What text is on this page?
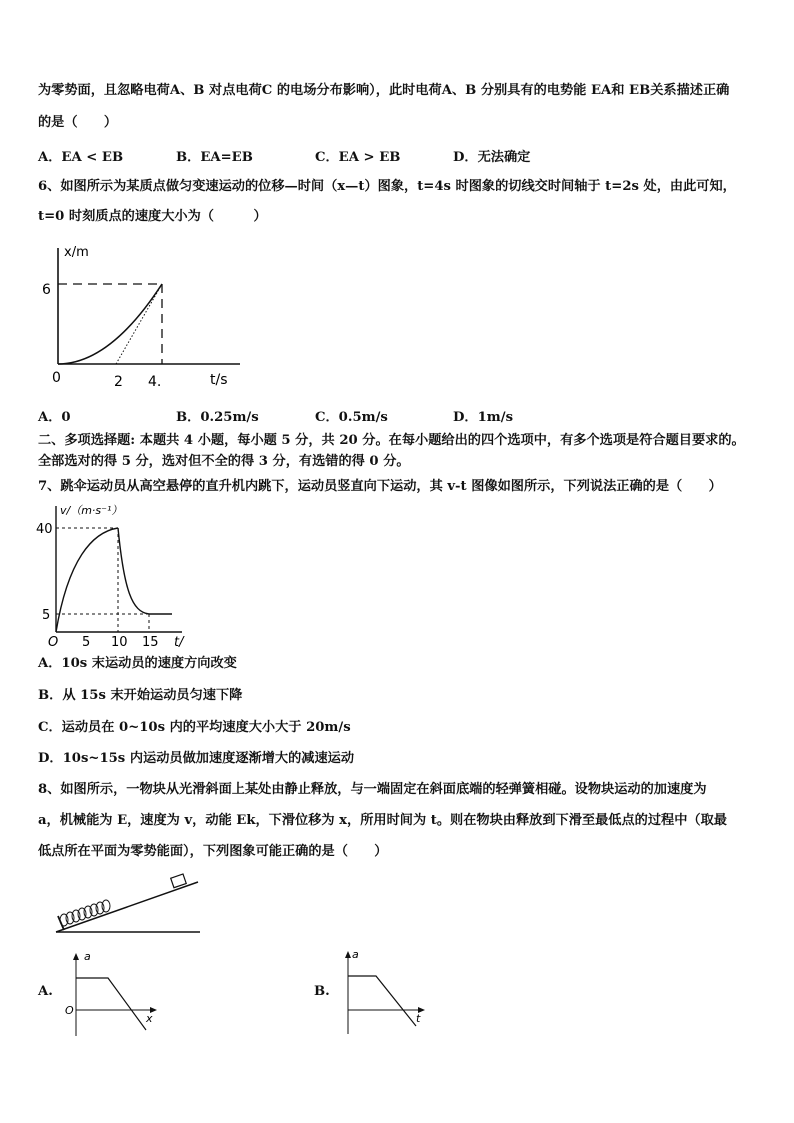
为零势面，且忽略电荷A、B 对点电荷C 的电场分布影响），此时电荷A、B 分别具有的电势能 EA和 EB关系描述正确
的是（　　）
A．EA < EB	B．EA=EB	C．EA > EB	D．无法确定
6、如图所示为某质点做匀变速运动的位移—时间（x—t）图象，t=4s 时图象的切线交时间轴于 t=2s 处，由此可知，
t=0 时刻质点的速度大小为（　　　）
x/m
6
0	2 4.	t/s
A．0	B．0.25m/s	C．0.5m/s	D．1m/s
二、多项选择题: 本题共 4 小题，每小题 5 分，共 20 分。在每小题给出的四个选项中，有多个选项是符合题目要求的。
全部选对的得 5 分，选对但不全的得 3 分，有选错的得 0 分。
7、跳伞运动员从高空悬停的直升机内跳下，运动员竖直向下运动，其 v-t 图像如图所示，下列说法正确的是（　　）
v/（m·s⁻¹）
40
5
O 5 10 15 t/
A．10s 末运动员的速度方向改变
B．从 15s 末开始运动员匀速下降
C．运动员在 0~10s 内的平均速度大小大于 20m/s
D．10s~15s 内运动员做加速度逐渐增大的减速运动
8、如图所示，一物块从光滑斜面上某处由静止释放，与一端固定在斜面底端的轻弹簧相碰。设物块运动的加速度为
a，机械能为 E，速度为 v，动能 Ek，下滑位移为 x，所用时间为 t。则在物块由释放到下滑至最低点的过程中（取最
低点所在平面为零势能面），下列图象可能正确的是（　　）
A.
a
O
x
B.
a
t
